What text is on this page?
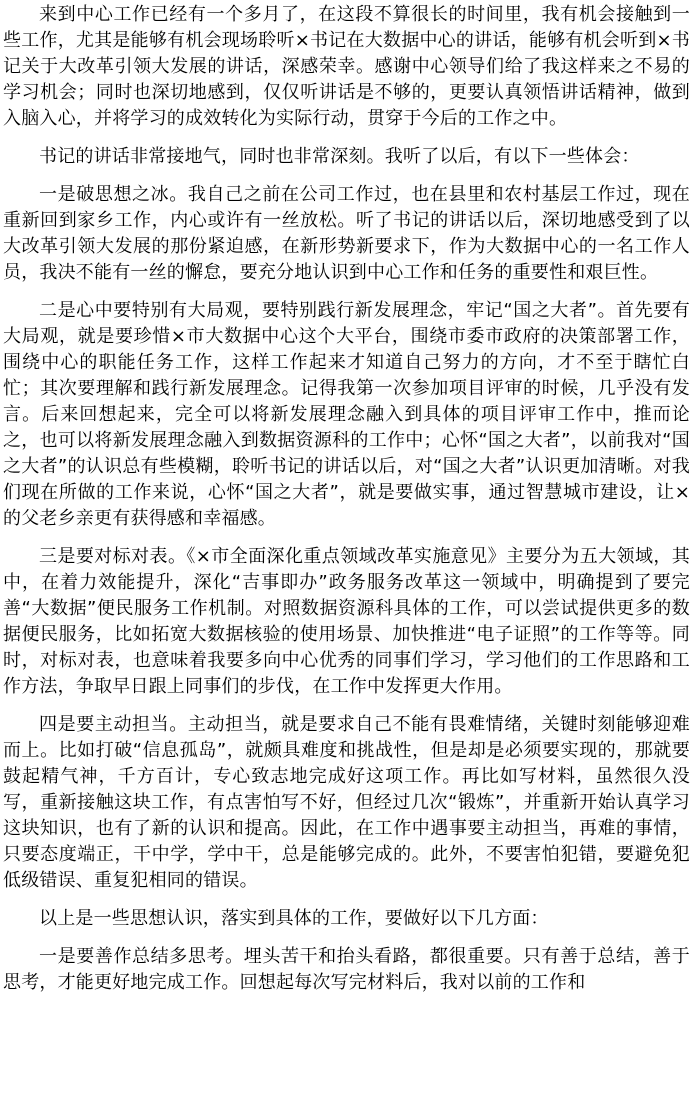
来到中心工作已经有一个多月了，在这段不算很长的时间里，我有机会接触到一些工作，尤其是能够有机会现场聆听×书记在大数据中心的讲话，能够有机会听到×书记关于大改革引领大发展的讲话，深感荣幸。感谢中心领导们给了我这样来之不易的学习机会；同时也深切地感到，仅仅听讲话是不够的，更要认真领悟讲话精神，做到入脑入心，并将学习的成效转化为实际行动，贯穿于今后的工作之中。

书记的讲话非常接地气，同时也非常深刻。我听了以后，有以下一些体会：

一是破思想之冰。我自己之前在公司工作过，也在县里和农村基层工作过，现在重新回到家乡工作，内心或许有一丝放松。听了书记的讲话以后，深切地感受到了以大改革引领大发展的那份紧迫感，在新形势新要求下，作为大数据中心的一名工作人员，我决不能有一丝的懈怠，要充分地认识到中心工作和任务的重要性和艰巨性。

二是心中要特别有大局观，要特别践行新发展理念，牢记“国之大者”。首先要有大局观，就是要珍惜×市大数据中心这个大平台，围绕市委市政府的决策部署工作，围绕中心的职能任务工作，这样工作起来才知道自己努力的方向，才不至于瞎忙白忙；其次要理解和践行新发展理念。记得我第一次参加项目评审的时候，几乎没有发言。后来回想起来，完全可以将新发展理念融入到具体的项目评审工作中，推而论之，也可以将新发展理念融入到数据资源科的工作中；心怀“国之大者”，以前我对“国之大者”的认识总有些模糊，聆听书记的讲话以后，对“国之大者”认识更加清晰。对我们现在所做的工作来说，心怀“国之大者”，就是要做实事，通过智慧城市建设，让×的父老乡亲更有获得感和幸福感。

三是要对标对表。《×市全面深化重点领域改革实施意见》主要分为五大领域，其中，在着力效能提升，深化“吉事即办”政务服务改革这一领域中，明确提到了要完善“大数据”便民服务工作机制。对照数据资源科具体的工作，可以尝试提供更多的数据便民服务，比如拓宽大数据核验的使用场景、加快推进“电子证照”的工作等等。同时，对标对表，也意味着我要多向中心优秀的同事们学习，学习他们的工作思路和工作方法，争取早日跟上同事们的步伐，在工作中发挥更大作用。

四是要主动担当。主动担当，就是要求自己不能有畏难情绪，关键时刻能够迎难而上。比如打破“信息孤岛”，就颇具难度和挑战性，但是却是必须要实现的，那就要鼓起精气神，千方百计，专心致志地完成好这项工作。再比如写材料，虽然很久没写，重新接触这块工作，有点害怕写不好，但经过几次“锻炼”，并重新开始认真学习这块知识，也有了新的认识和提高。因此，在工作中遇事要主动担当，再难的事情，只要态度端正，干中学，学中干，总是能够完成的。此外，不要害怕犯错，要避免犯低级错误、重复犯相同的错误。

以上是一些思想认识，落实到具体的工作，要做好以下几方面：

一是要善作总结多思考。埋头苦干和抬头看路，都很重要。只有善于总结，善于思考，才能更好地完成工作。回想起每次写完材料后，我对以前的工作和
